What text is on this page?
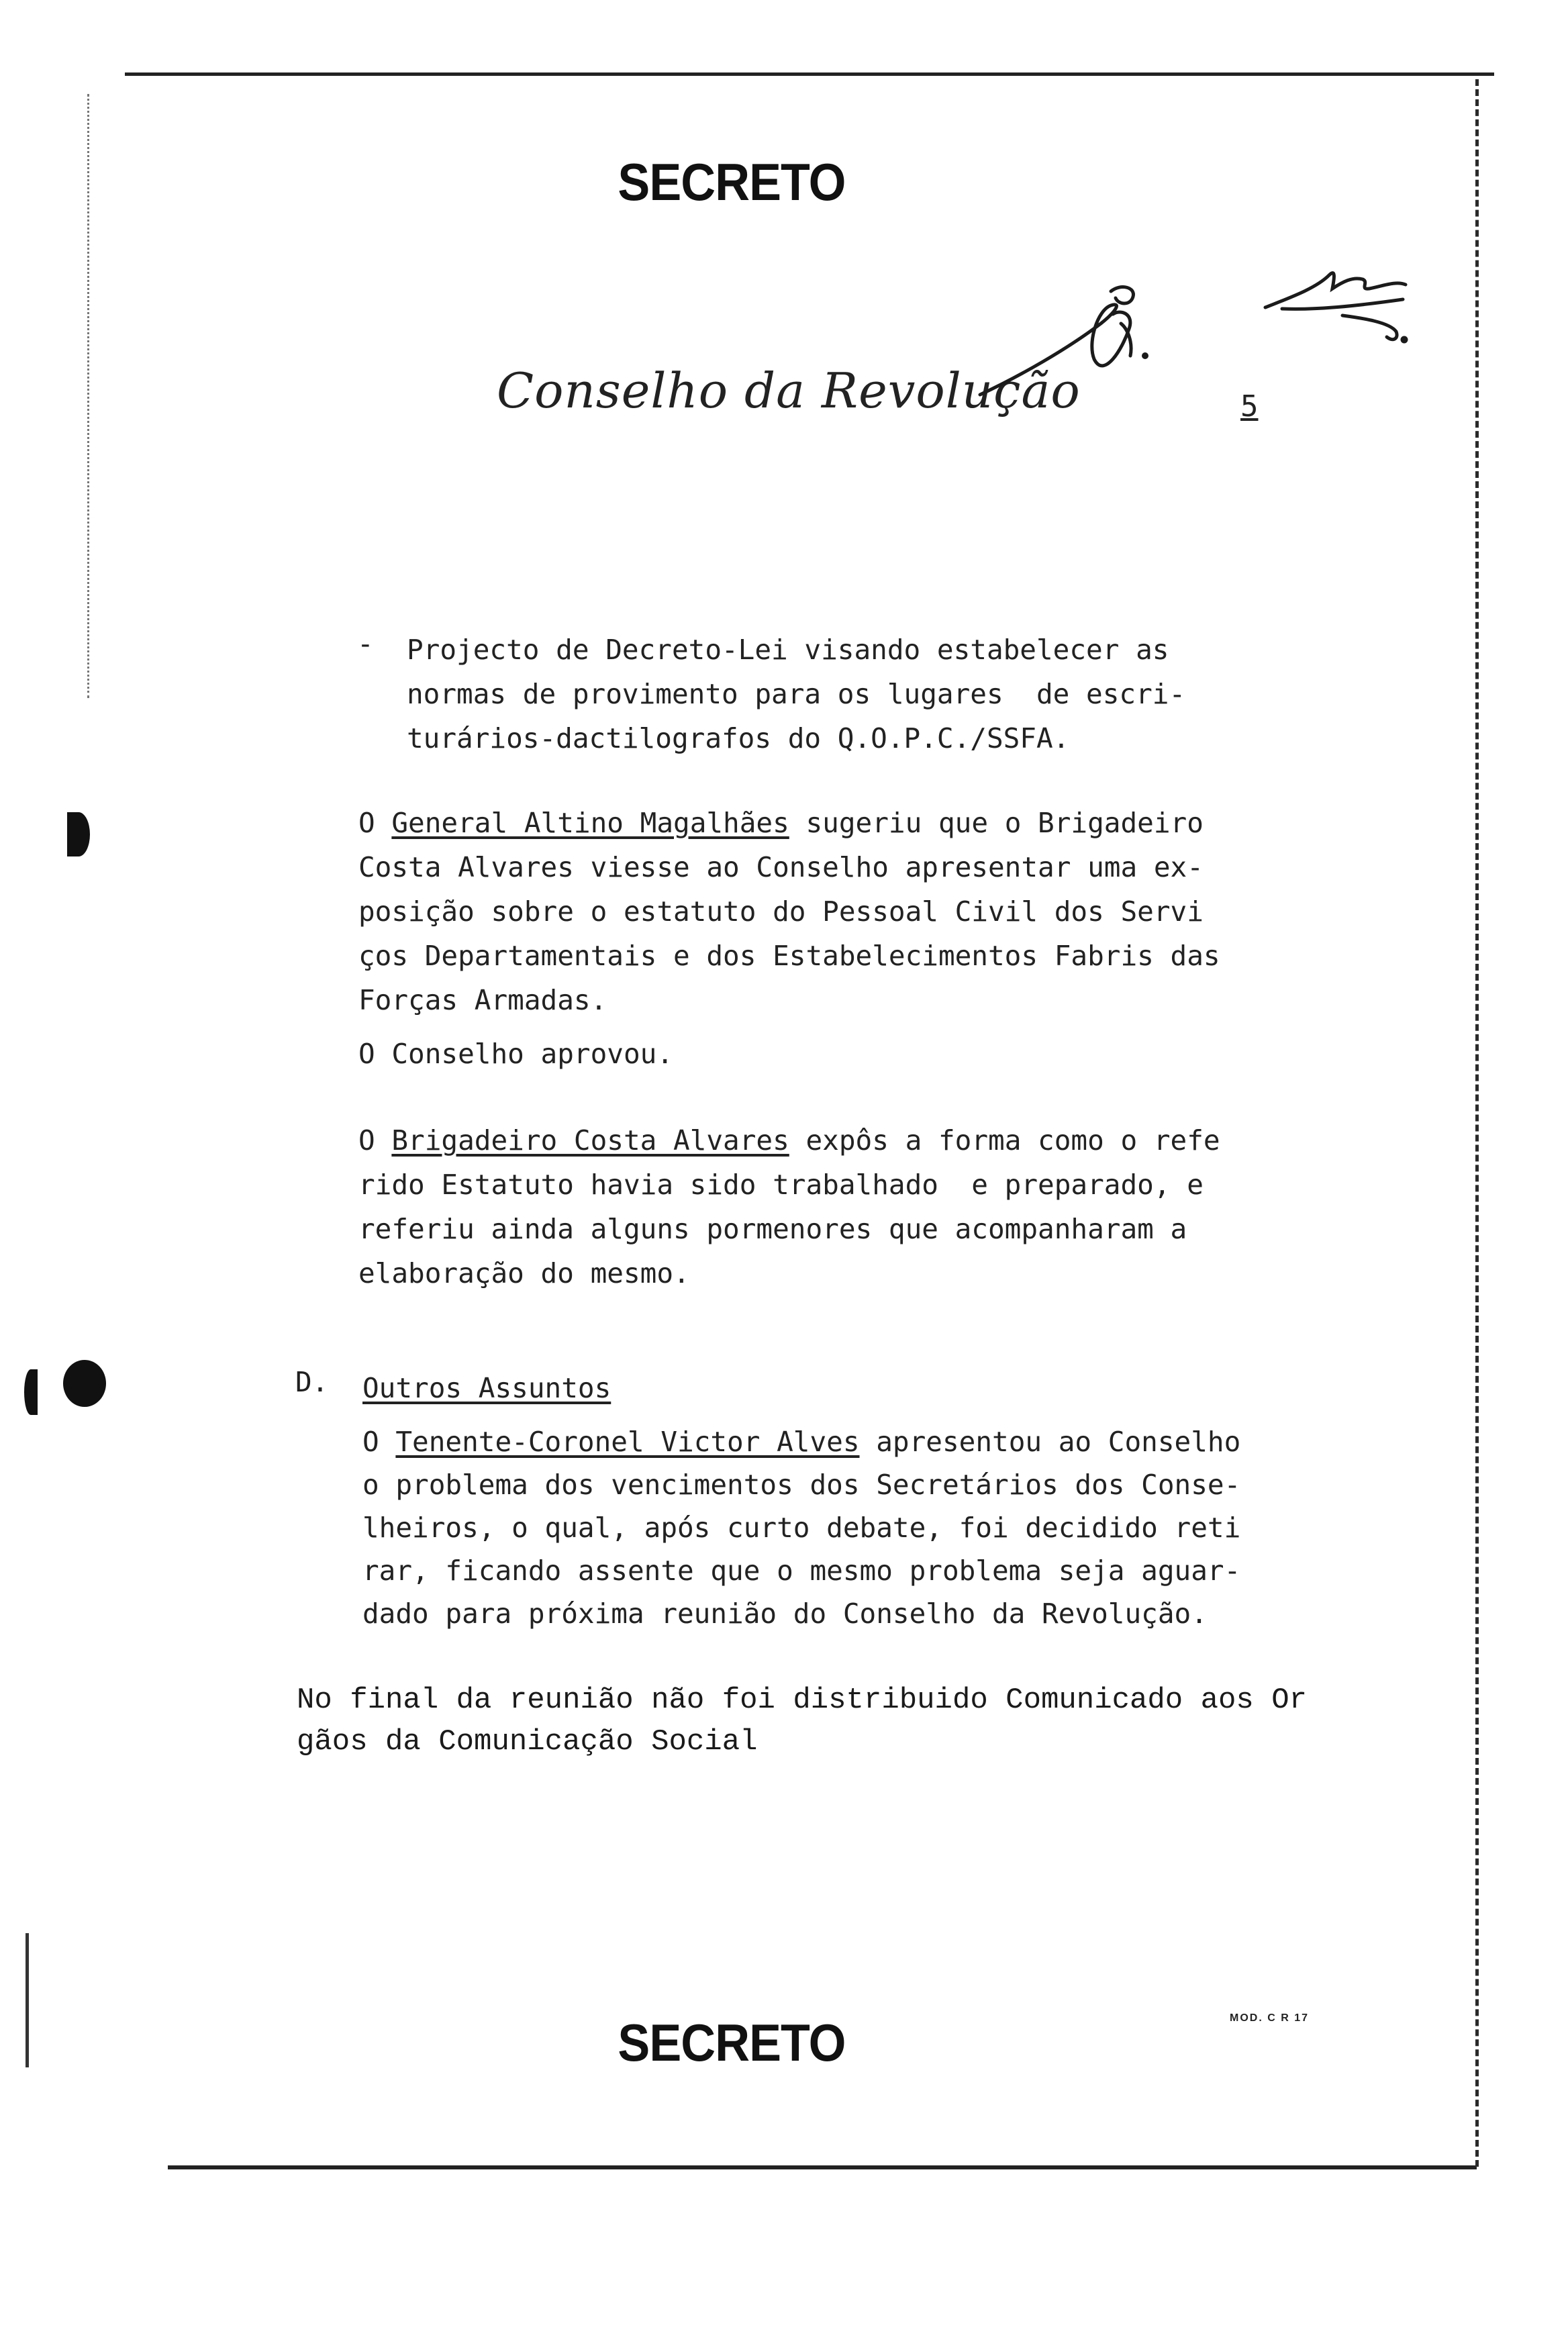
SECRETO
Conselho da Revolução	5
- Projecto de Decreto-Lei visando estabelecer as
normas de provimento para os lugares  de escri-
turários-dactilografos do Q.O.P.C./SSFA.
O General Altino Magalhães sugeriu que o Brigadeiro
Costa Alvares viesse ao Conselho apresentar uma ex-
posição sobre o estatuto do Pessoal Civil dos Servi
ços Departamentais e dos Estabelecimentos Fabris das
Forças Armadas.
O Conselho aprovou.
O Brigadeiro Costa Alvares expôs a forma como o refe
rido Estatuto havia sido trabalhado  e preparado, e
referiu ainda alguns pormenores que acompanharam a
elaboração do mesmo.
D. Outros Assuntos
O Tenente-Coronel Victor Alves apresentou ao Conselho
o problema dos vencimentos dos Secretários dos Conse-
lheiros, o qual, após curto debate, foi decidido reti
rar, ficando assente que o mesmo problema seja aguar-
dado para próxima reunião do Conselho da Revolução.
No final da reunião não foi distribuido Comunicado aos Or
gãos da Comunicação Social
MOD. C R 17
SECRETO
